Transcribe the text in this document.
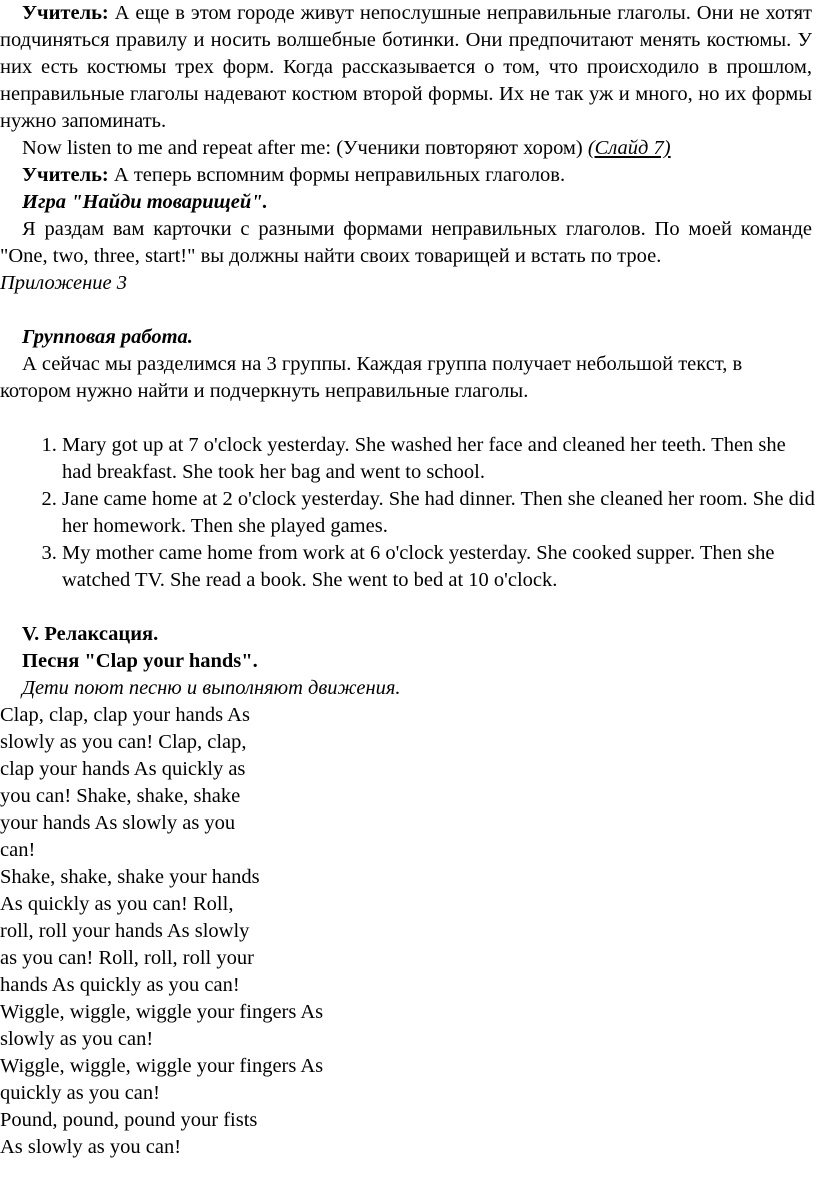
Учитель: А еще в этом городе живут непослушные неправильные глаголы. Они не хотят подчиняться правилу и носить волшебные ботинки. Они предпочитают менять костюмы. У них есть костюмы трех форм. Когда рассказывается о том, что происходило в прошлом, неправильные глаголы надевают костюм второй формы. Их не так уж и много, но их формы нужно запоминать.

Now listen to me and repeat after me: (Ученики повторяют хором) (Слайд 7)

Учитель: А теперь вспомним формы неправильных глаголов.

Игра "Найди товарищей".

Я раздам вам карточки с разными формами неправильных глаголов. По моей команде "One, two, three, start!" вы должны найти своих товарищей и встать по трое.
Приложение 3

Групповая работа.

А сейчас мы разделимся на 3 группы. Каждая группа получает небольшой текст, в котором нужно найти и подчеркнуть неправильные глаголы.

1. Mary got up at 7 o'clock yesterday. She washed her face and cleaned her teeth. Then she had breakfast. She took her bag and went to school.
2. Jane came home at 2 o'clock yesterday. She had dinner. Then she cleaned her room. She did her homework. Then she played games.
3. My mother came home from work at 6 o'clock yesterday. She cooked supper. Then she watched TV. She read a book. She went to bed at 10 o'clock.

V. Релаксация.

Песня "Clap your hands".

Дети поют песню и выполняют движения.

Clap, clap, clap your hands As

slowly as you can! Clap, clap,

clap your hands As quickly as

you can! Shake, shake, shake

your hands As slowly as you

can!

Shake, shake, shake your hands

As quickly as you can! Roll,

roll, roll your hands As slowly

as you can! Roll, roll, roll your

hands As quickly as you can!

Wiggle, wiggle, wiggle your fingers As

slowly as you can!

Wiggle, wiggle, wiggle your fingers As

quickly as you can!

Pound, pound, pound your fists

As slowly as you can!
